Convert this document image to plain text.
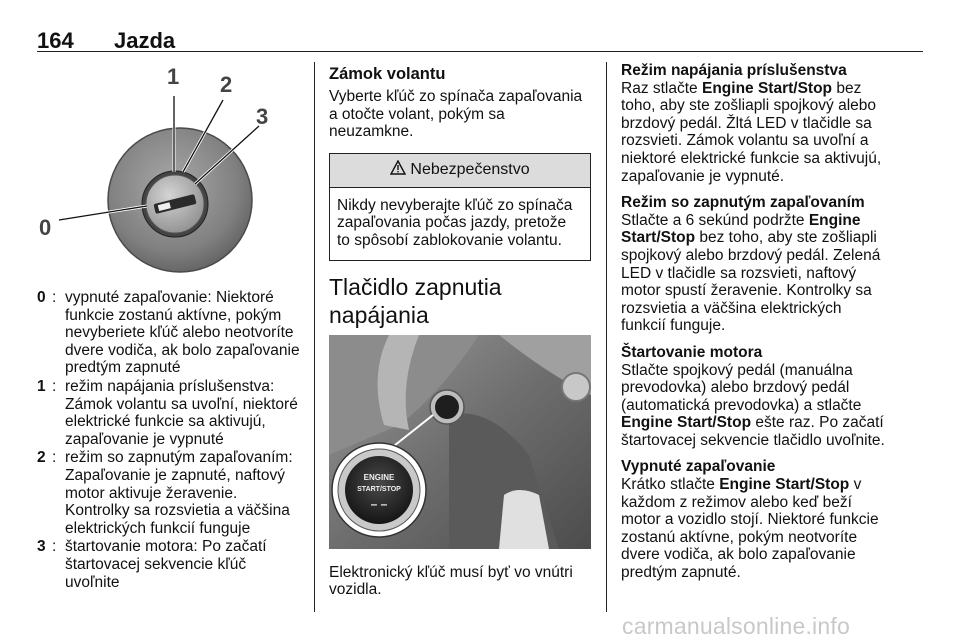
164 Jazda
1 2
3
0
0 : vypnuté zapaľovanie: Niektoré funkcie zostanú aktívne, pokým nevyberiete kľúč alebo neotvoríte dvere vodiča, ak bolo zapaľovanie predtým zapnuté
1 : režim napájania príslušenstva: Zámok volantu sa uvoľní, niektoré elektrické funkcie sa aktivujú, zapaľovanie je vypnuté
2 : režim so zapnutým zapaľovaním: Zapaľovanie je zapnuté, naftový motor aktivuje žeravenie. Kontrolky sa rozsvietia a väčšina elektrických funkcií funguje
3 : štartovanie motora: Po začatí štartovacej sekvencie kľúč uvoľnite
Zámok volantu
Vyberte kľúč zo spínača zapaľovania a otočte volant, pokým sa neuzamkne.
Nebezpečenstvo
Nikdy nevyberajte kľúč zo spínača zapaľovania počas jazdy, pretože to spôsobí zablokovanie volantu.
Tlačidlo zapnutia napájania
ENGINE
START/STOP
– –
Elektronický kľúč musí byť vo vnútri vozidla.
Režim napájania príslušenstva
Raz stlačte Engine Start/Stop bez toho, aby ste zošliapli spojkový alebo brzdový pedál. Žltá LED v tlačidle sa rozsvieti. Zámok volantu sa uvoľní a niektoré elektrické funkcie sa aktivujú, zapaľovanie je vypnuté.
Režim so zapnutým zapaľovaním
Stlačte a 6 sekúnd podržte Engine Start/Stop bez toho, aby ste zošliapli spojkový alebo brzdový pedál. Zelená LED v tlačidle sa rozsvieti, naftový motor spustí žeravenie. Kontrolky sa rozsvietia a väčšina elektrických funkcií funguje.
Štartovanie motora
Stlačte spojkový pedál (manuálna prevodovka) alebo brzdový pedál (automatická prevodovka) a stlačte Engine Start/Stop ešte raz. Po začatí štartovacej sekvencie tlačidlo uvoľnite.
Vypnuté zapaľovanie
Krátko stlačte Engine Start/Stop v každom z režimov alebo keď beží motor a vozidlo stojí. Niektoré funkcie zostanú aktívne, pokým neotvoríte dvere vodiča, ak bolo zapaľovanie predtým zapnuté.
carmanualsonline.info
